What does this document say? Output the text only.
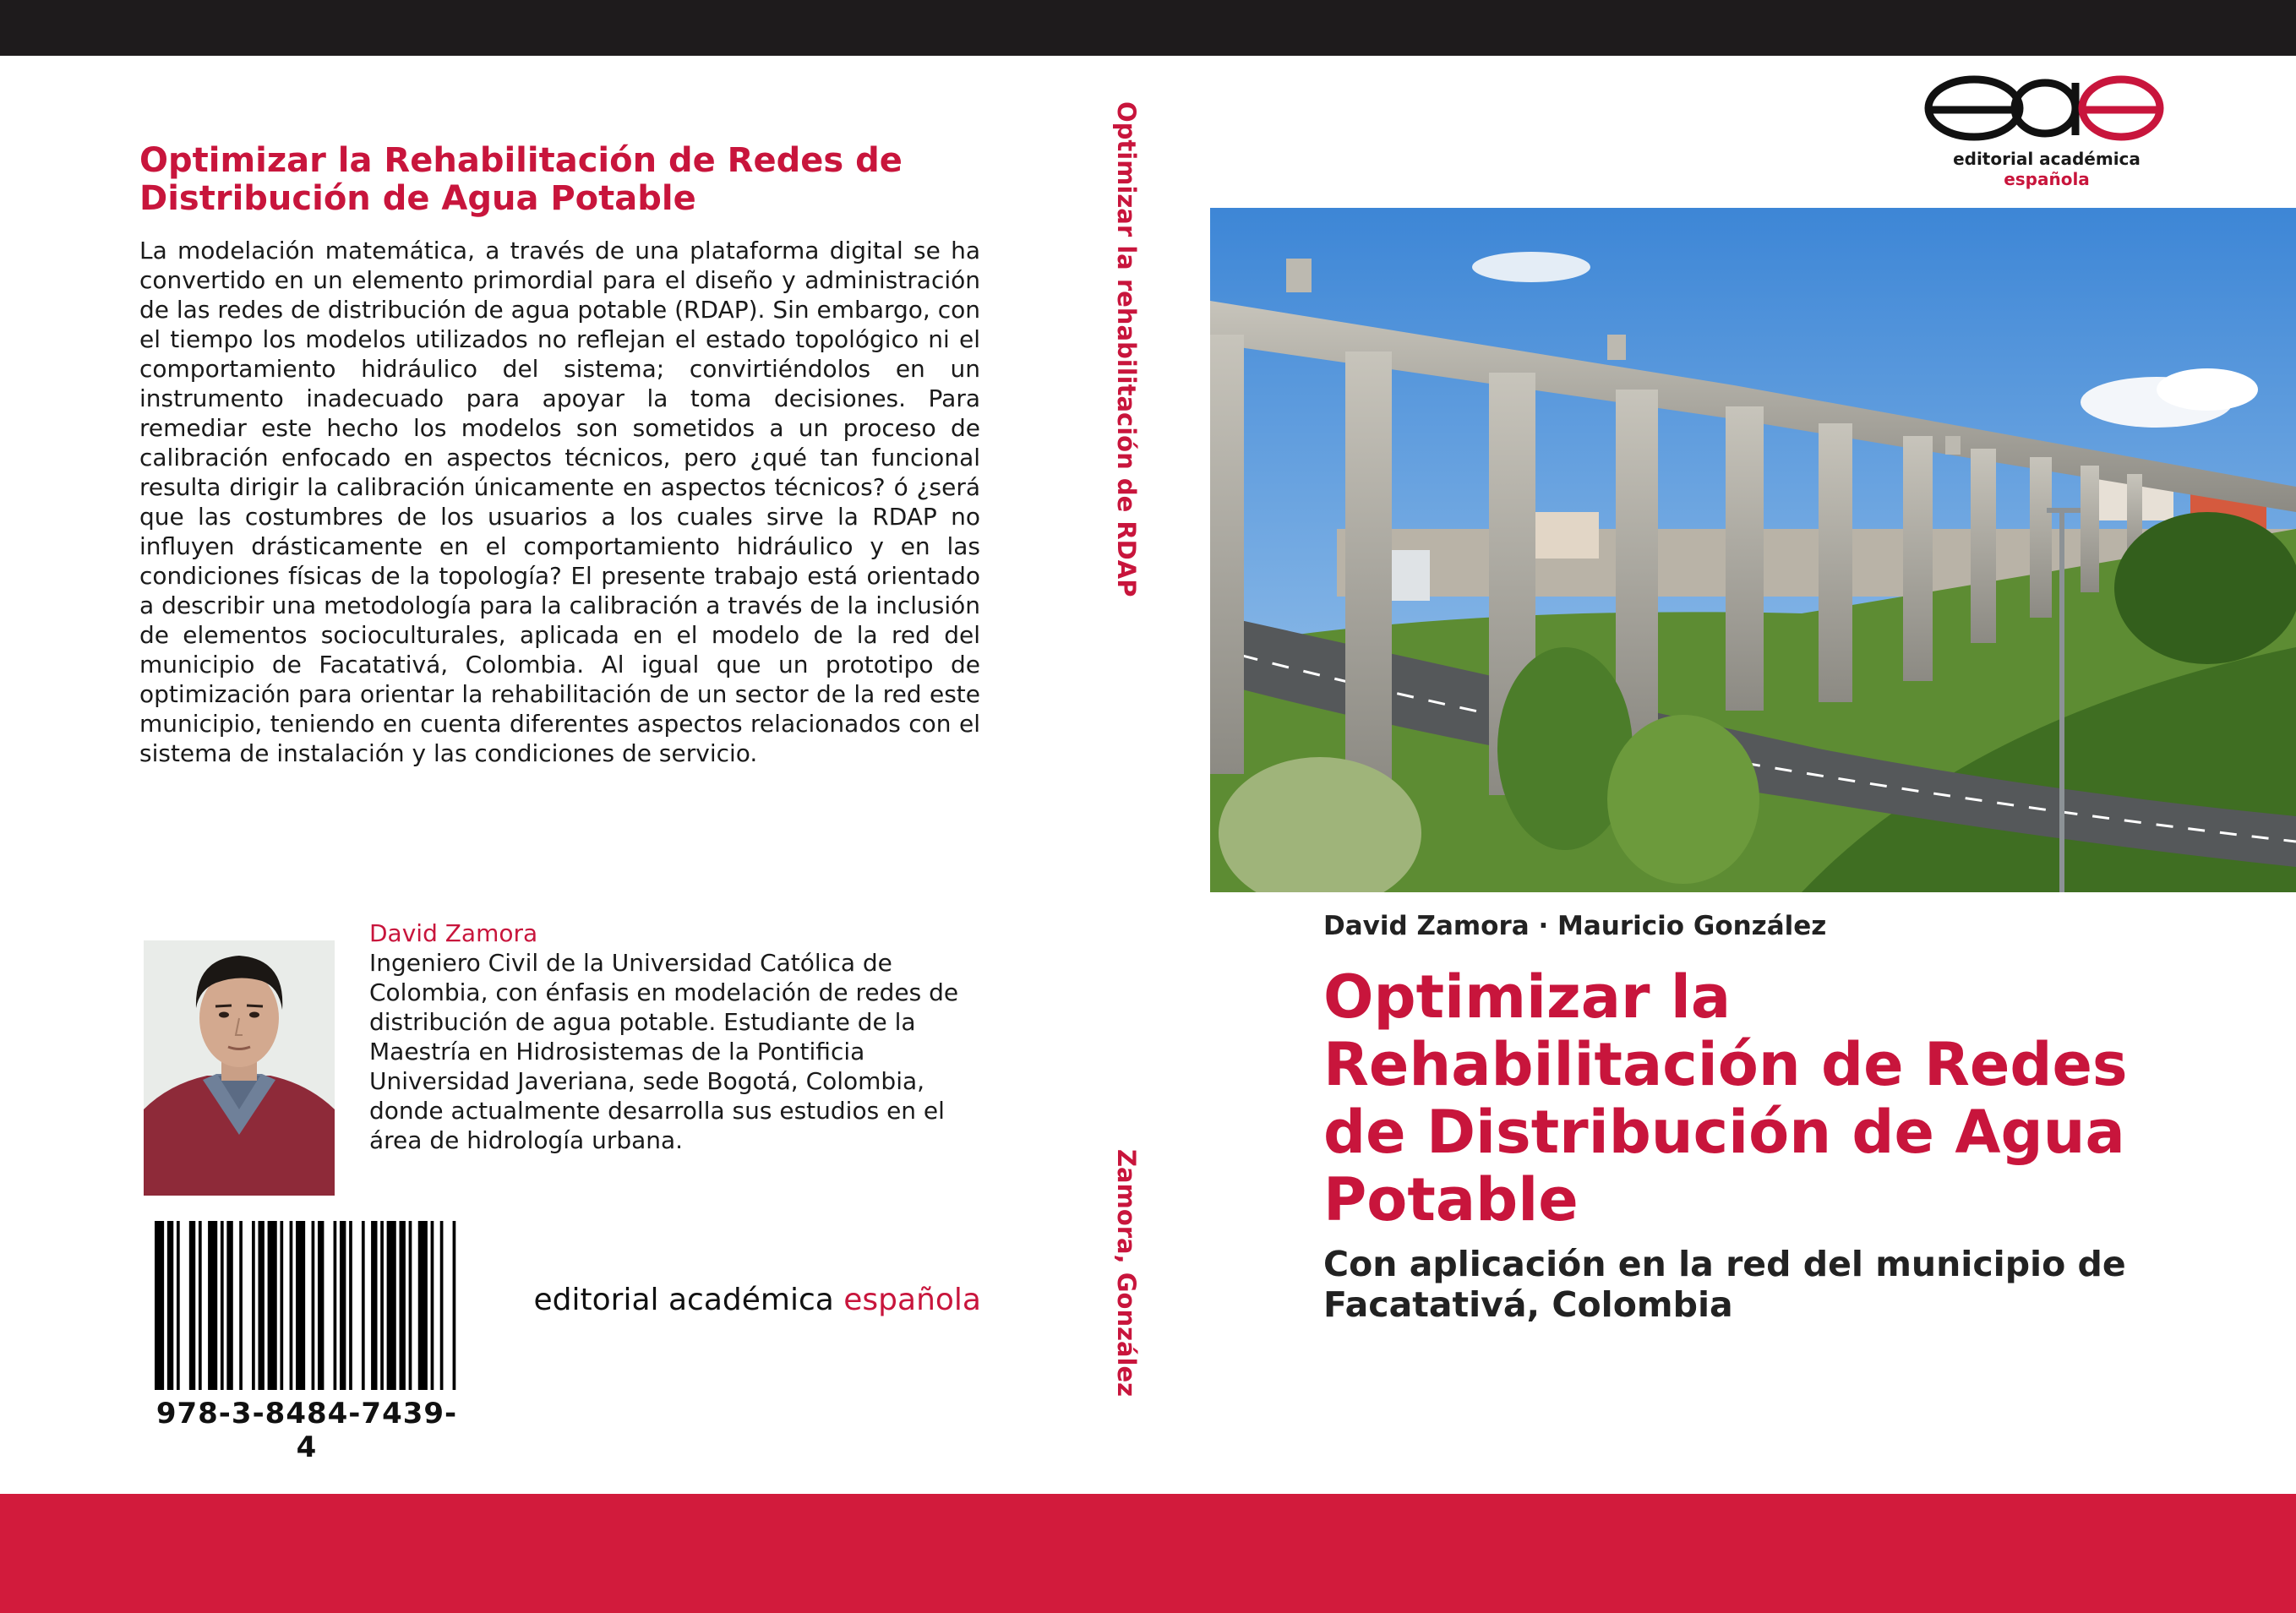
Optimizar la Rehabilitación de Redes de
Distribución de Agua Potable
La modelación matemática, a través de una plataforma digital se ha convertido en un elemento primordial para el diseño y administración de las redes de distribución de agua potable (RDAP). Sin embargo, con el tiempo los modelos utilizados no reflejan el estado topológico ni el comportamiento hidráulico del sistema; convirtiéndolos en un instrumento inadecuado para apoyar la toma decisiones. Para remediar este hecho los modelos son sometidos a un proceso de calibración enfocado en aspectos técnicos, pero ¿qué tan funcional resulta dirigir la calibración únicamente en aspectos técnicos? ó ¿será que las costumbres de los usuarios a los cuales sirve la RDAP no influyen drásticamente en el comportamiento hidráulico y en las condiciones físicas de la topología? El presente trabajo está orientado a describir una metodología para la calibración a través de la inclusión de elementos socioculturales, aplicada en el modelo de la red del municipio de Facatativá, Colombia. Al igual que un prototipo de optimización para orientar la rehabilitación de un sector de la red este municipio, teniendo en cuenta diferentes aspectos relacionados con el sistema de instalación y las condiciones de servicio.
David Zamora
Ingeniero Civil de la Universidad Católica de Colombia, con énfasis en modelación de redes de distribución de agua potable. Estudiante de la Maestría en Hidrosistemas de la Pontificia Universidad Javeriana, sede Bogotá, Colombia, donde actualmente desarrolla sus estudios en el área de hidrología urbana.
978-3-8484-7439-4
editorial académica española
Optimizar la rehabilitación de RDAP
Zamora, González
editorial académica española
David Zamora · Mauricio González
Optimizar la
Rehabilitación de Redes
de Distribución de Agua
Potable
Con aplicación en la red del municipio de
Facatativá, Colombia
